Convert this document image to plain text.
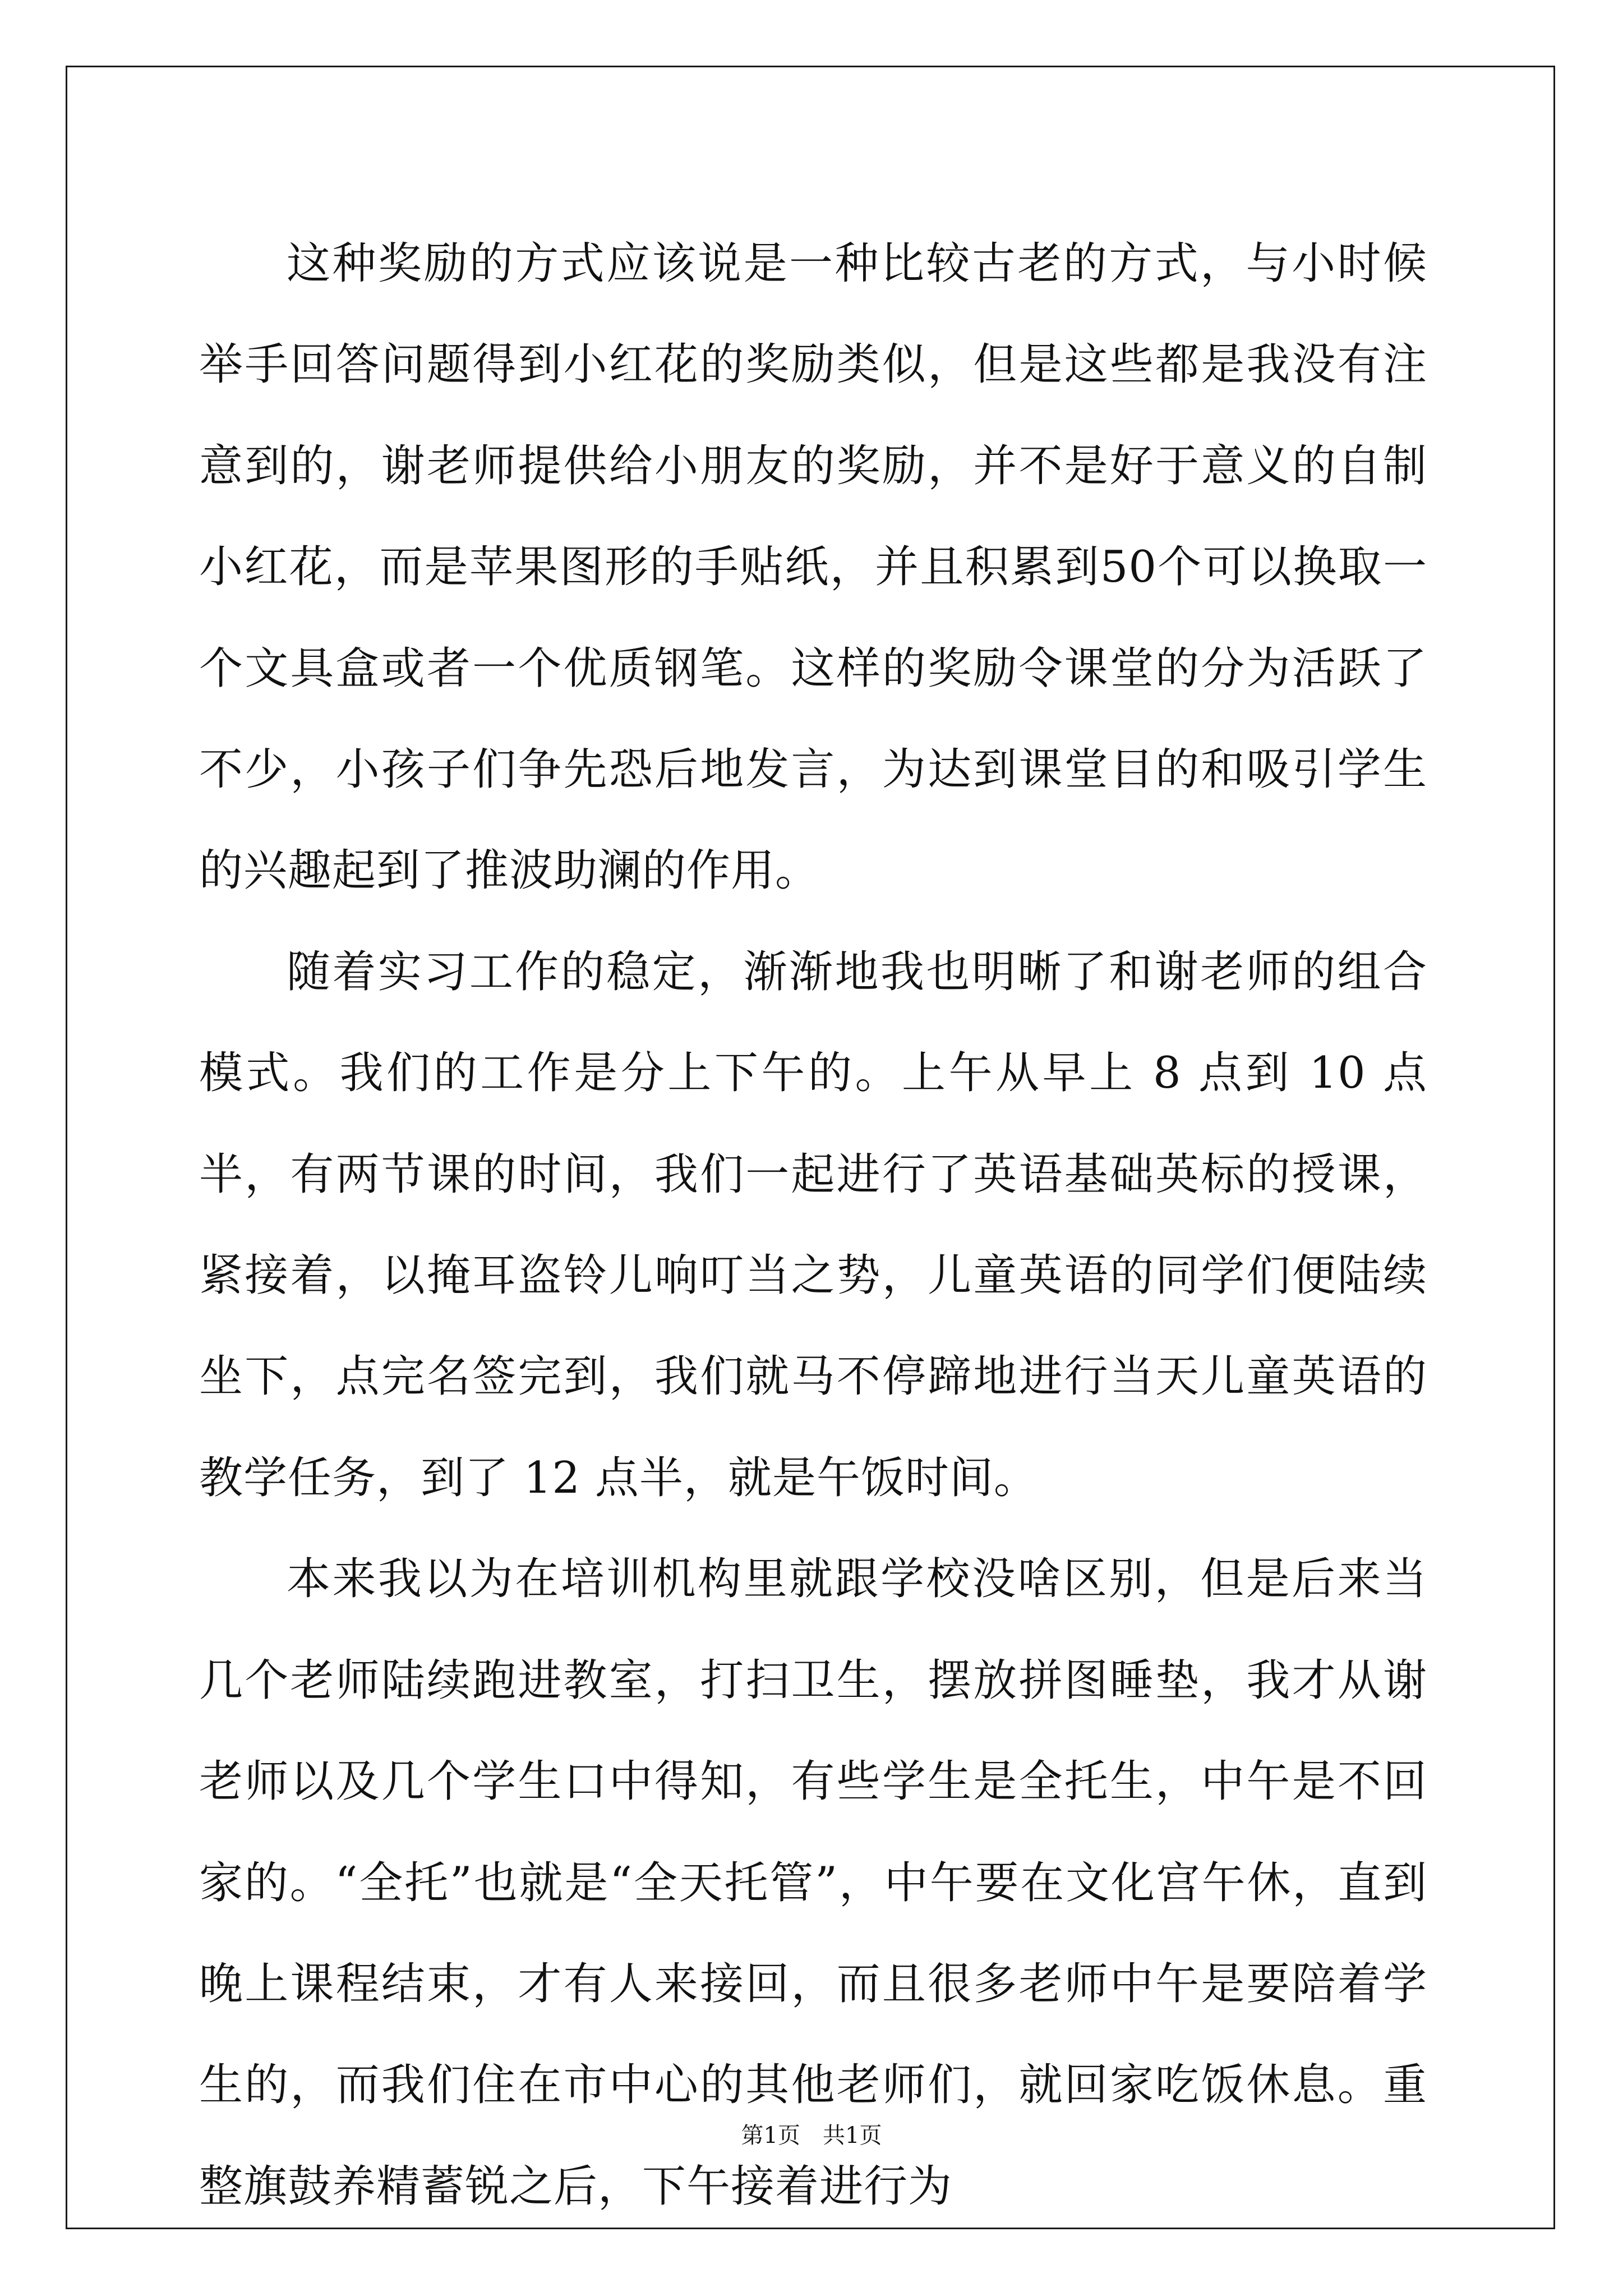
这种奖励的方式应该说是一种比较古老的方式，与小时候举手回答问题得到小红花的奖励类似，但是这些都是我没有注意到的，谢老师提供给小朋友的奖励，并不是好于意义的自制小红花，而是苹果图形的手贴纸，并且积累到50个可以换取一个文具盒或者一个优质钢笔。这样的奖励令课堂的分为活跃了不少，小孩子们争先恐后地发言，为达到课堂目的和吸引学生的兴趣起到了推波助澜的作用。

随着实习工作的稳定，渐渐地我也明晰了和谢老师的组合模式。我们的工作是分上下午的。上午从早上 8 点到 10 点半，有两节课的时间，我们一起进行了英语基础英标的授课，紧接着，以掩耳盗铃儿响叮当之势，儿童英语的同学们便陆续坐下，点完名签完到，我们就马不停蹄地进行当天儿童英语的教学任务，到了 12 点半，就是午饭时间。

本来我以为在培训机构里就跟学校没啥区别，但是后来当几个老师陆续跑进教室，打扫卫生，摆放拼图睡垫，我才从谢老师以及几个学生口中得知，有些学生是全托生，中午是不回家的。“全托”也就是“全天托管”，中午要在文化宫午休，直到晚上课程结束，才有人来接回，而且很多老师中午是要陪着学生的，而我们住在市中心的其他老师们，就回家吃饭休息。重整旗鼓养精蓄锐之后，下午接着进行为

第1页 共1页
